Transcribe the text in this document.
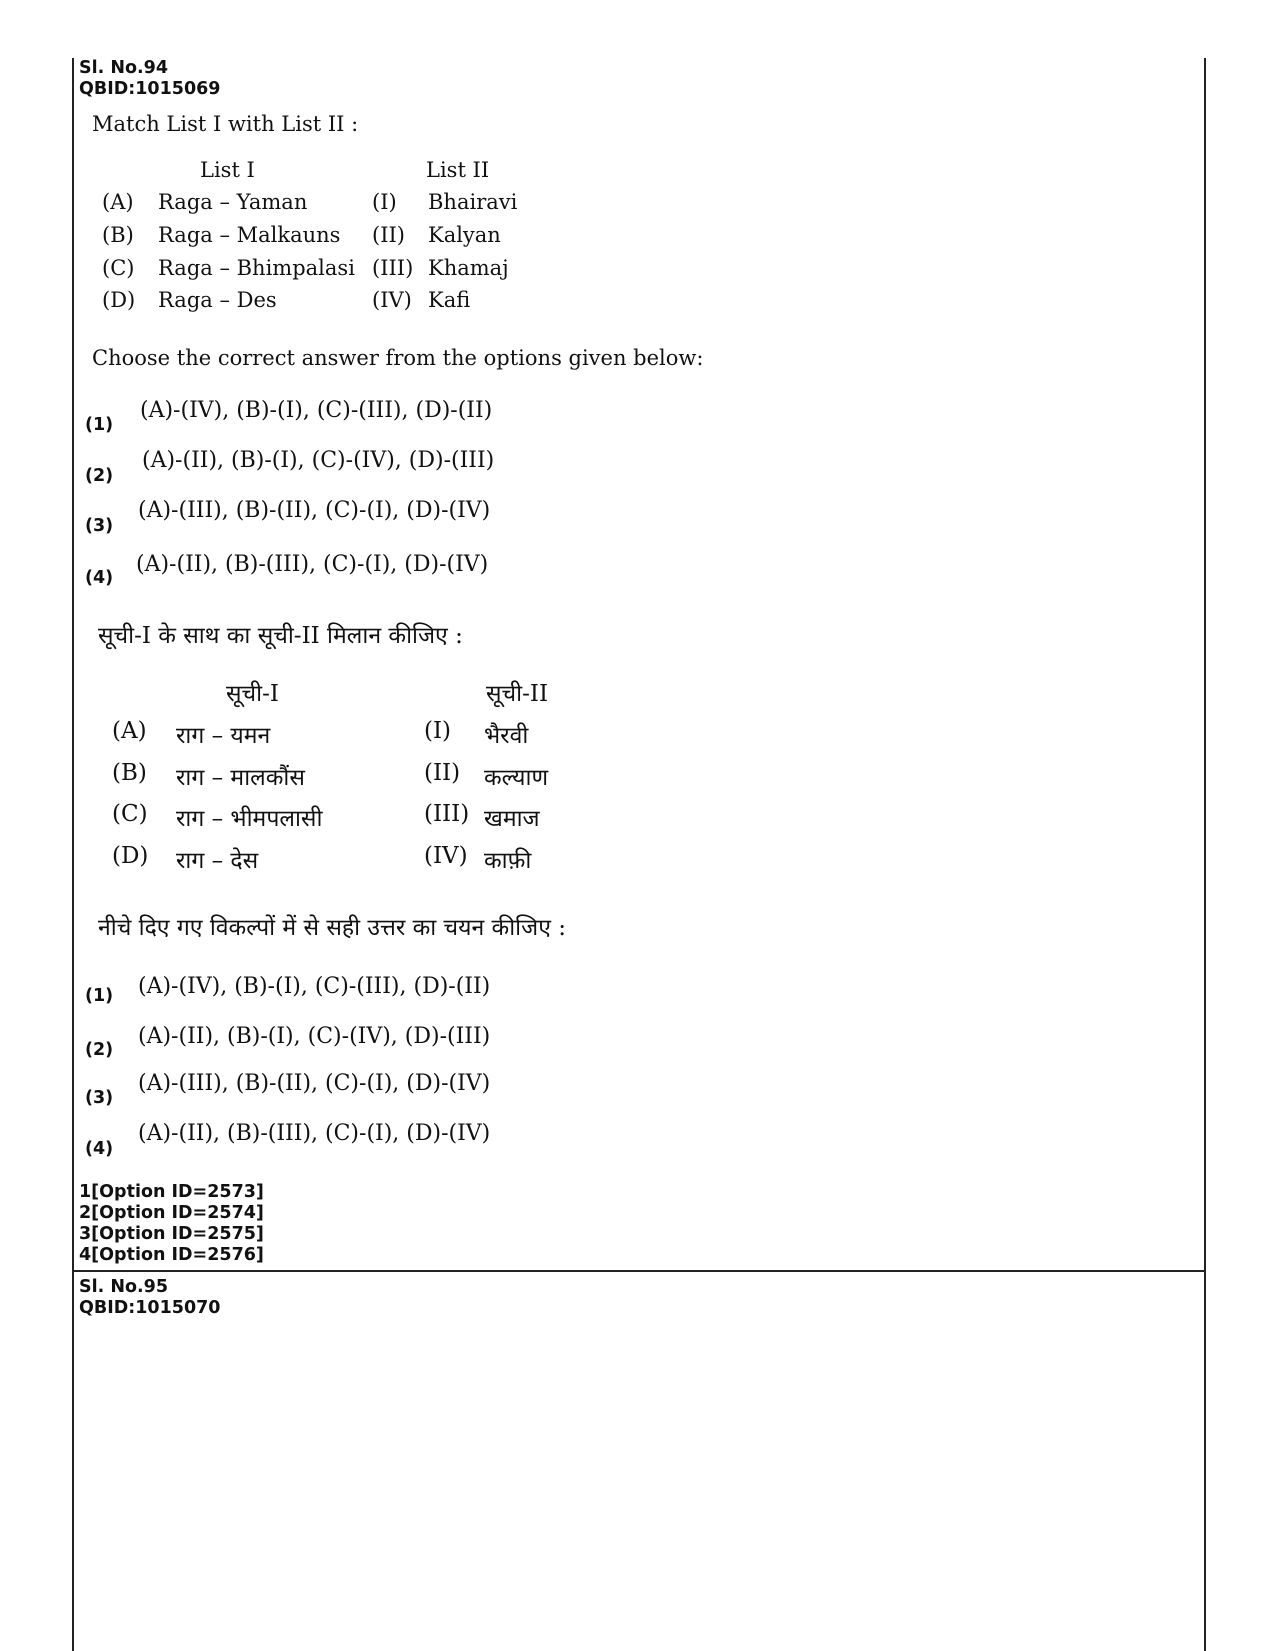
Sl. No.94
QBID:1015069
Match List I with List II :
List I	List II
(A) Raga – Yaman	(I) Bhairavi
(B) Raga – Malkauns (II) Kalyan
(C) Raga – Bhimpalasi (III) Khamaj
(D) Raga – Des	(IV) Kafi
Choose the correct answer from the options given below:
(1)
(A)-(IV), (B)-(I), (C)-(III), (D)-(II)
(2)
(A)-(II), (B)-(I), (C)-(IV), (D)-(III)
(3)
(A)-(III), (B)-(II), (C)-(I), (D)-(IV)
(4)
(A)-(II), (B)-(III), (C)-(I), (D)-(IV)
सूची-I के साथ का सूची-II मिलान कीजिए :
सूची-I	सूची-II
(A) राग – यमन	(I) भैरवी
(B) राग – मालकौंस	(II) कल्याण
(C) राग – भीमपलासी	(III) खमाज
(D) राग – देस	(IV) काफ़ी
नीचे दिए गए विकल्पों में से सही उत्तर का चयन कीजिए :
(1) (A)-(IV), (B)-(I), (C)-(III), (D)-(II)
(2)
(A)-(II), (B)-(I), (C)-(IV), (D)-(III)
(3)
(A)-(III), (B)-(II), (C)-(I), (D)-(IV)
(4)
(A)-(II), (B)-(III), (C)-(I), (D)-(IV)
1[Option ID=2573]
2[Option ID=2574]
3[Option ID=2575]
4[Option ID=2576]
Sl. No.95
QBID:1015070
